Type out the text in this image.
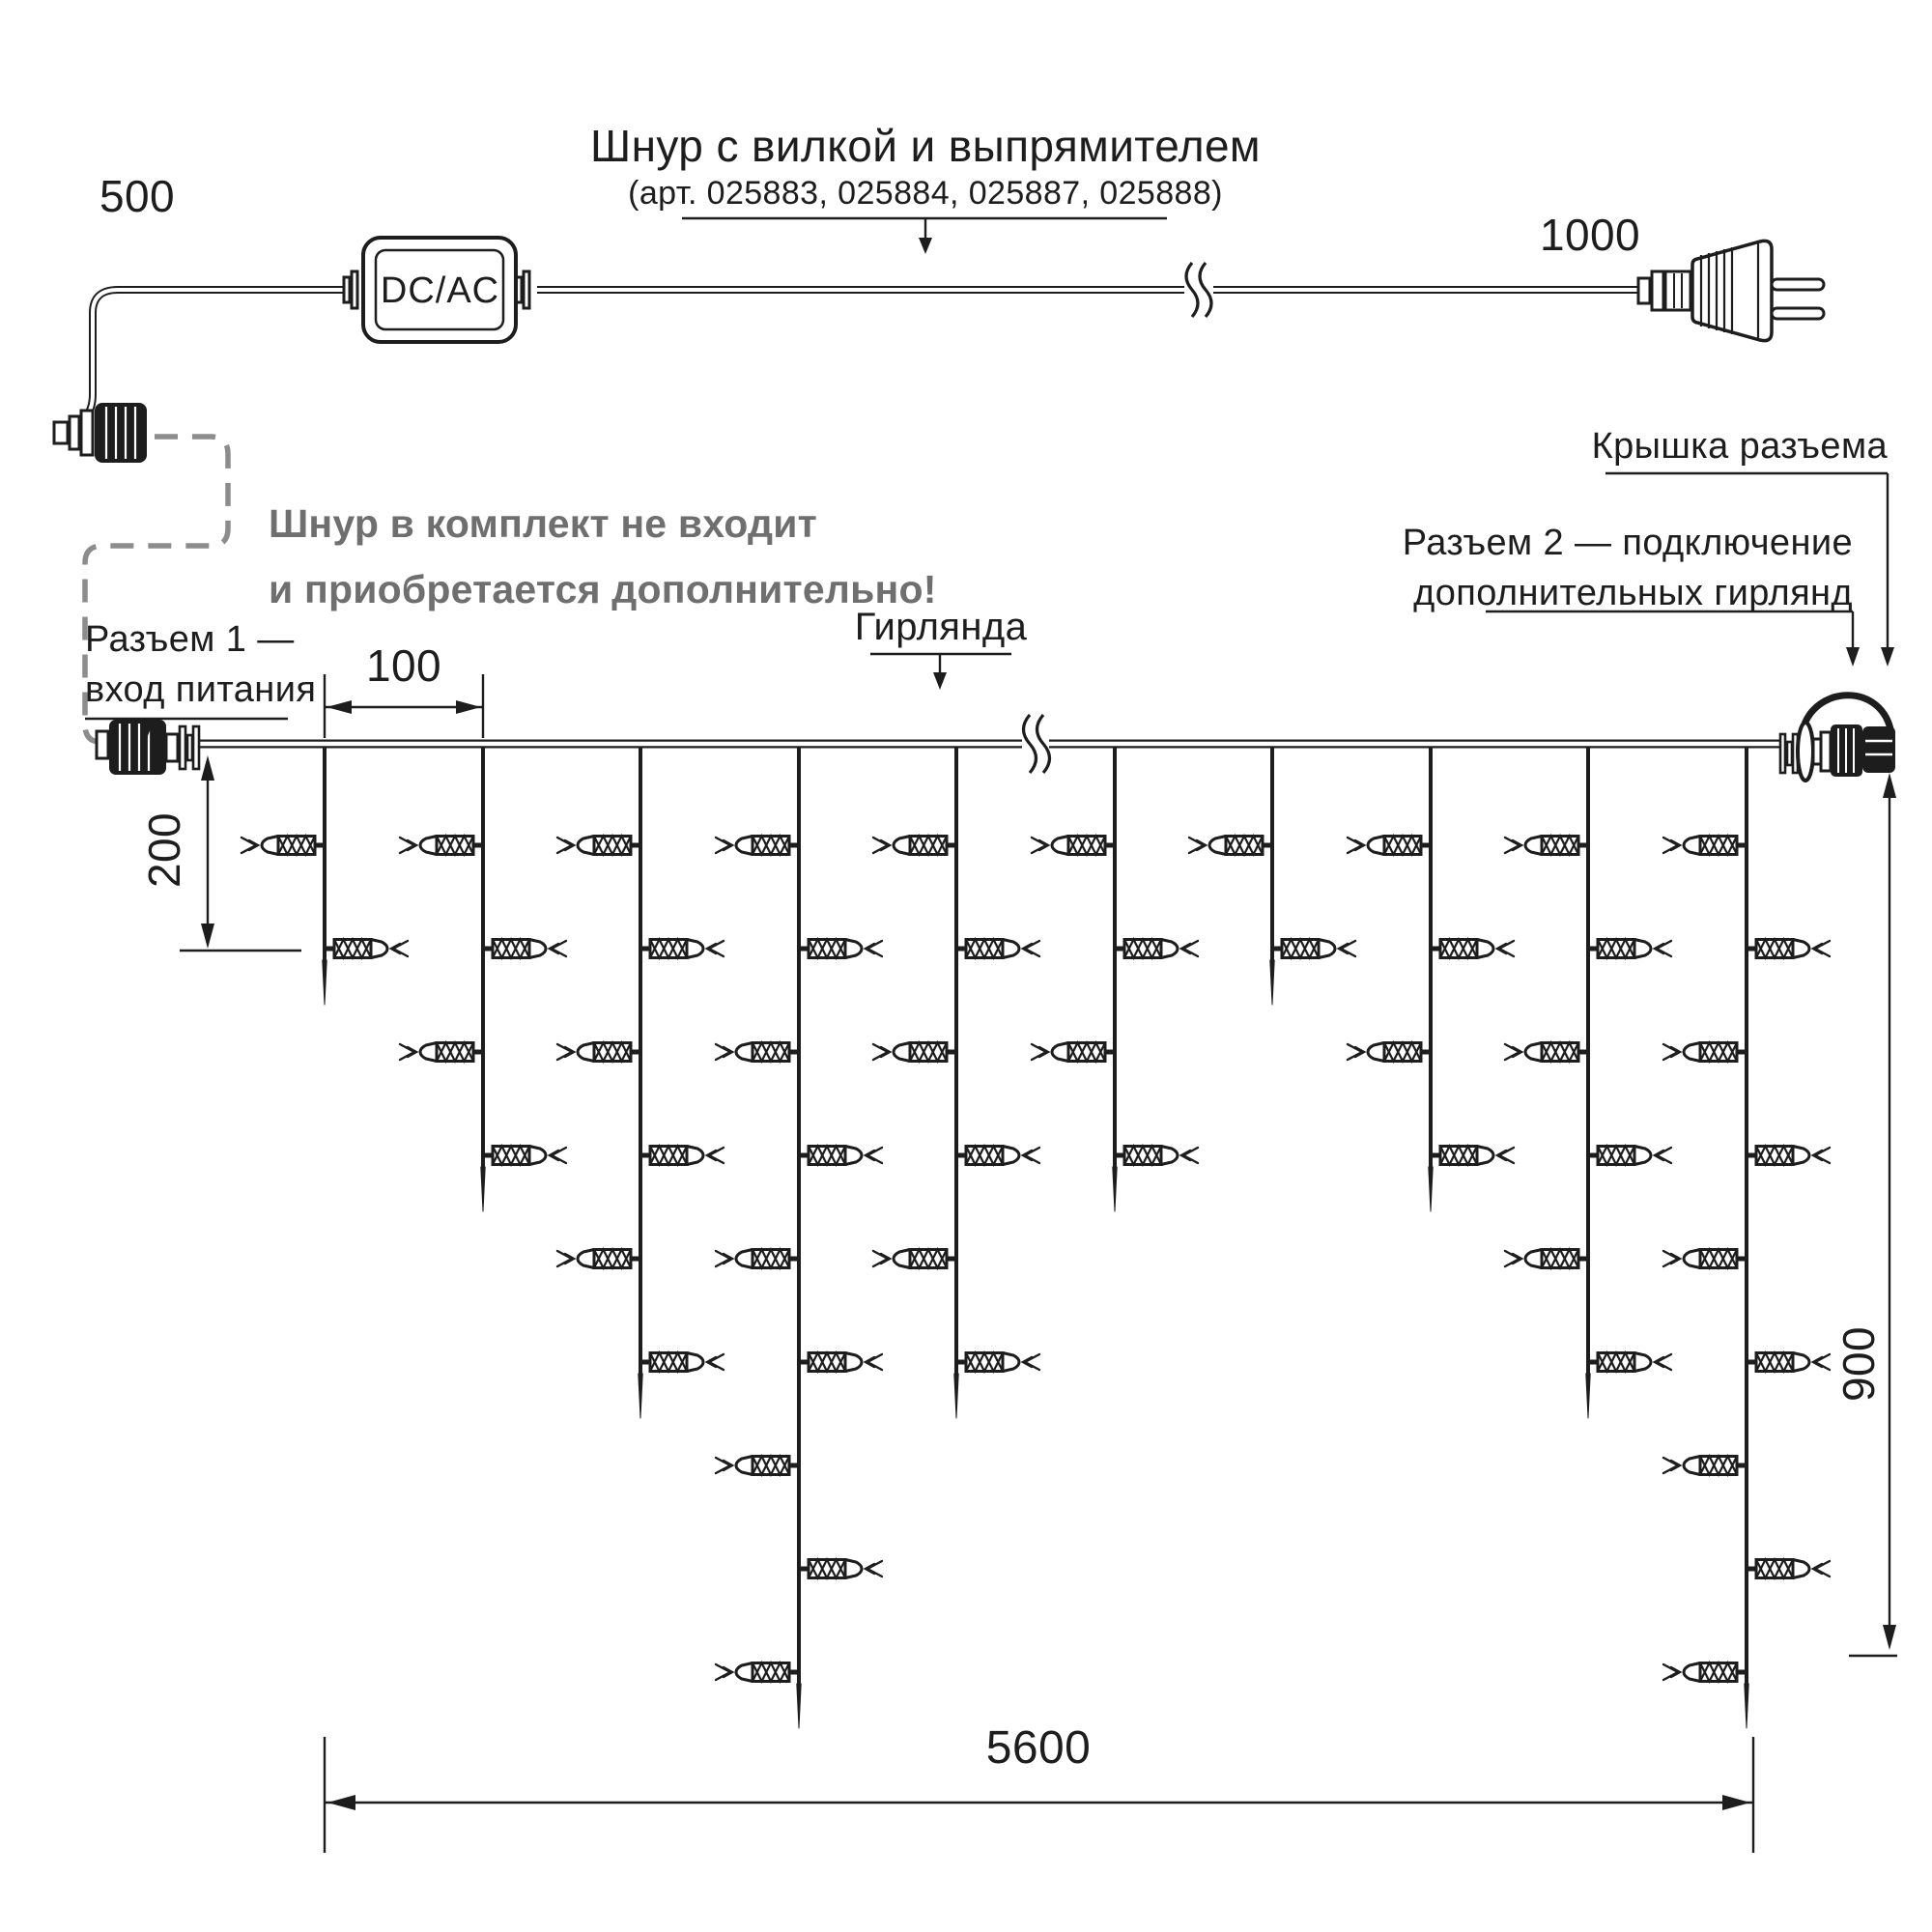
Шнур с вилкой и выпрямителем
(арт. 025883, 025884, 025887, 025888)
500
1000
DC/AC
Шнур в комплект не входит
и приобретается дополнительно!
Разъем 1 —
вход питания
Крышка разъема
Разъем 2 — подключение
дополнительных гирлянд
Гирлянда
100
200
900
5600
